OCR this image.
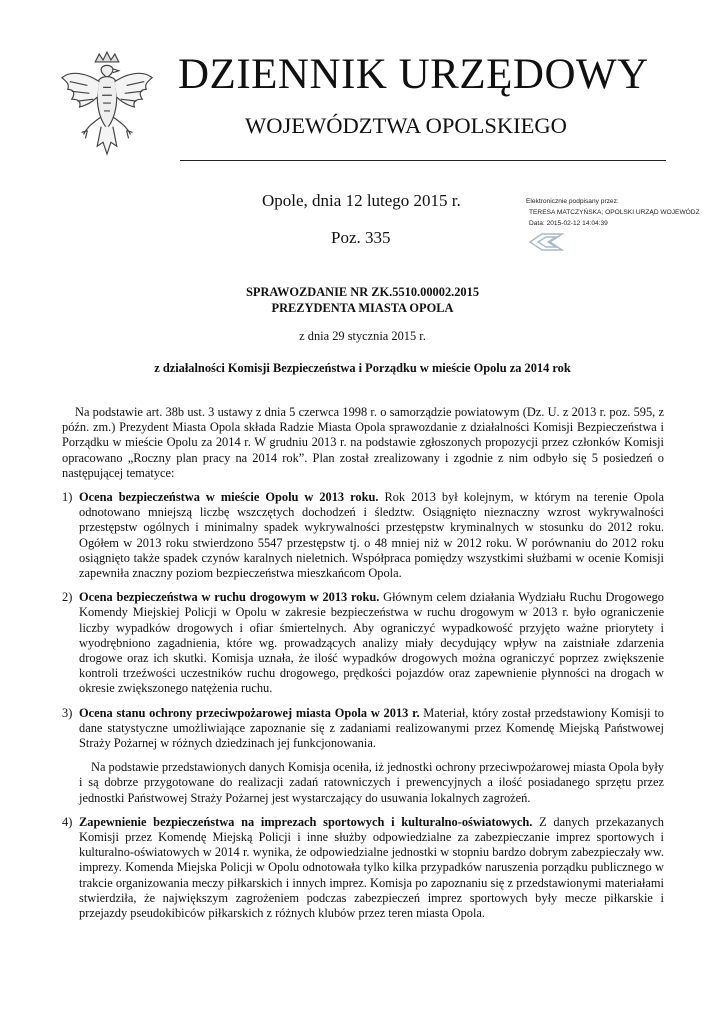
DZIENNIK URZĘDOWY
WOJEWÓDZTWA OPOLSKIEGO
Opole, dnia 12 lutego 2015 r.
Poz. 335
Elektronicznie podpisany przez:
TERESA MATCZYŃSKA; OPOLSKI URZĄD WOJEWÓDZ
Data: 2015-02-12 14:04:39
SPRAWOZDANIE NR ZK.5510.00002.2015
PREZYDENTA MIASTA OPOLA
z dnia 29 stycznia 2015 r.
z działalności Komisji Bezpieczeństwa i Porządku w mieście Opolu za 2014 rok

Na podstawie art. 38b ust. 3 ustawy z dnia 5 czerwca 1998 r. o samorządzie powiatowym (Dz. U. z 2013 r. poz. 595, z późn. zm.) Prezydent Miasta Opola składa Radzie Miasta Opola sprawozdanie z działalności Komisji Bezpieczeństwa i Porządku w mieście Opolu za 2014 r. W grudniu 2013 r. na podstawie zgłoszonych propozycji przez członków Komisji opracowano „Roczny plan pracy na 2014 rok”. Plan został zrealizowany i zgodnie z nim odbyło się 5 posiedzeń o następującej tematyce:

1) Ocena bezpieczeństwa w mieście Opolu w 2013 roku. Rok 2013 był kolejnym, w którym na terenie Opola odnotowano mniejszą liczbę wszczętych dochodzeń i śledztw. Osiągnięto nieznaczny wzrost wykrywalności przestępstw ogólnych i minimalny spadek wykrywalności przestępstw kryminalnych w stosunku do 2012 roku. Ogółem w 2013 roku stwierdzono 5547 przestępstw tj. o 48 mniej niż w 2012 roku. W porównaniu do 2012 roku osiągnięto także spadek czynów karalnych nieletnich. Współpraca pomiędzy wszystkimi służbami w ocenie Komisji zapewniła znaczny poziom bezpieczeństwa mieszkańcom Opola.
2) Ocena bezpieczeństwa w ruchu drogowym w 2013 roku. Głównym celem działania Wydziału Ruchu Drogowego Komendy Miejskiej Policji w Opolu w zakresie bezpieczeństwa w ruchu drogowym w 2013 r. było ograniczenie liczby wypadków drogowych i ofiar śmiertelnych. Aby ograniczyć wypadkowość przyjęto ważne priorytety i wyodrębniono zagadnienia, które wg. prowadzących analizy miały decydujący wpływ na zaistniałe zdarzenia drogowe oraz ich skutki. Komisja uznała, że ilość wypadków drogowych można ograniczyć poprzez zwiększenie kontroli trzeźwości uczestników ruchu drogowego, prędkości pojazdów oraz zapewnienie płynności na drogach w okresie zwiększonego natężenia ruchu.
3) Ocena stanu ochrony przeciwpożarowej miasta Opola w 2013 r. Materiał, który został przedstawiony Komisji to dane statystyczne umożliwiające zapoznanie się z zadaniami realizowanymi przez Komendę Miejską Państwowej Straży Pożarnej w różnych dziedzinach jej funkcjonowania.

Na podstawie przedstawionych danych Komisja oceniła, iż jednostki ochrony przeciwpożarowej miasta Opola były i są dobrze przygotowane do realizacji zadań ratowniczych i prewencyjnych a ilość posiadanego sprzętu przez jednostki Państwowej Straży Pożarnej jest wystarczający do usuwania lokalnych zagrożeń.

4) Zapewnienie bezpieczeństwa na imprezach sportowych i kulturalno-oświatowych. Z danych przekazanych Komisji przez Komendę Miejską Policji i inne służby odpowiedzialne za zabezpieczanie imprez sportowych i kulturalno-oświatowych w 2014 r. wynika, że odpowiedzialne jednostki w stopniu bardzo dobrym zabezpieczały ww. imprezy. Komenda Miejska Policji w Opolu odnotowała tylko kilka przypadków naruszenia porządku publicznego w trakcie organizowania meczy piłkarskich i innych imprez. Komisja po zapoznaniu się z przedstawionymi materiałami stwierdziła, że największym zagrożeniem podczas zabezpieczeń imprez sportowych były mecze piłkarskie i przejazdy pseudokibiców piłkarskich z różnych klubów przez teren miasta Opola.
